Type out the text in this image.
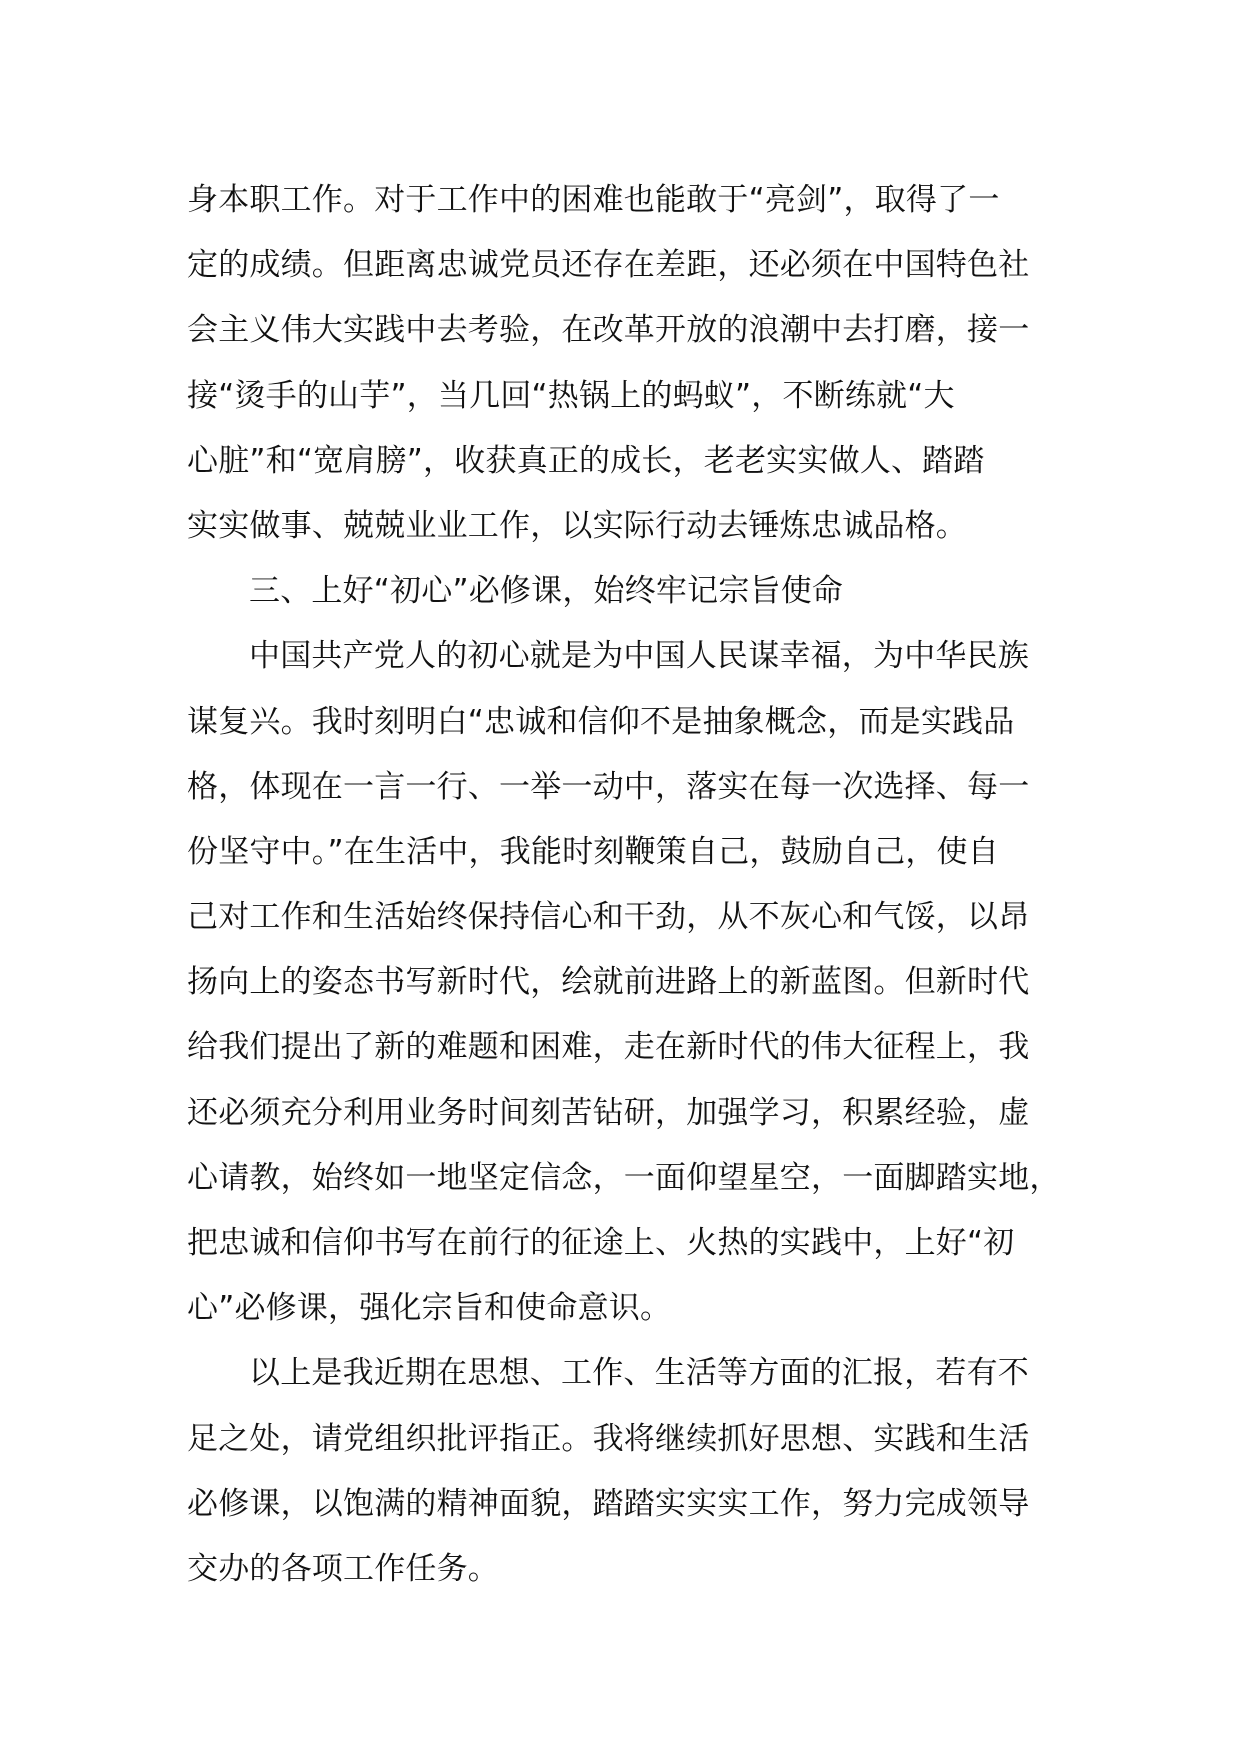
身本职工作。对于工作中的困难也能敢于“亮剑”，取得了一
定的成绩。但距离忠诚党员还存在差距，还必须在中国特色社
会主义伟大实践中去考验，在改革开放的浪潮中去打磨，接一
接“烫手的山芋”，当几回“热锅上的蚂蚁”，不断练就“大
心脏”和“宽肩膀”，收获真正的成长，老老实实做人、踏踏
实实做事、兢兢业业工作，以实际行动去锤炼忠诚品格。
三、上好“初心”必修课，始终牢记宗旨使命
中国共产党人的初心就是为中国人民谋幸福，为中华民族
谋复兴。我时刻明白“忠诚和信仰不是抽象概念，而是实践品
格，体现在一言一行、一举一动中，落实在每一次选择、每一
份坚守中。”在生活中，我能时刻鞭策自己，鼓励自己，使自
己对工作和生活始终保持信心和干劲，从不灰心和气馁，以昂
扬向上的姿态书写新时代，绘就前进路上的新蓝图。但新时代
给我们提出了新的难题和困难，走在新时代的伟大征程上，我
还必须充分利用业务时间刻苦钻研，加强学习，积累经验，虚
心请教，始终如一地坚定信念，一面仰望星空，一面脚踏实地，
把忠诚和信仰书写在前行的征途上、火热的实践中，上好“初
心”必修课，强化宗旨和使命意识。
以上是我近期在思想、工作、生活等方面的汇报，若有不
足之处，请党组织批评指正。我将继续抓好思想、实践和生活
必修课，以饱满的精神面貌，踏踏实实实工作，努力完成领导
交办的各项工作任务。
